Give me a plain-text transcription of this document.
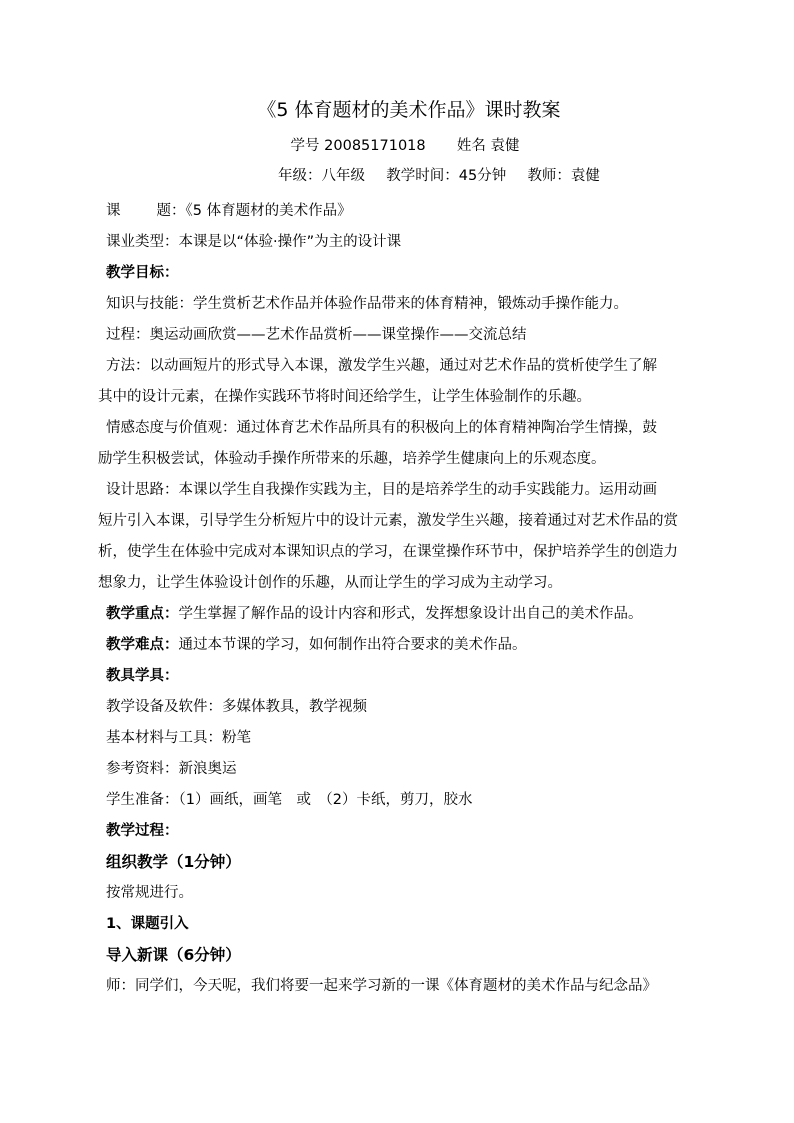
《5 体育题材的美术作品》课时教案
学号 20085171018 姓名 袁健
年级：八年级 教学时间：45分钟 教师：袁健

课 题：《5 体育题材的美术作品》

课业类型：本课是以“体验·操作”为主的设计课

教学目标：

知识与技能：学生赏析艺术作品并体验作品带来的体育精神，锻炼动手操作能力。

过程：奥运动画欣赏——艺术作品赏析——课堂操作——交流总结

方法：以动画短片的形式导入本课，激发学生兴趣，通过对艺术作品的赏析使学生了解

其中的设计元素，在操作实践环节将时间还给学生，让学生体验制作的乐趣。

情感态度与价值观：通过体育艺术作品所具有的积极向上的体育精神陶冶学生情操，鼓

励学生积极尝试，体验动手操作所带来的乐趣，培养学生健康向上的乐观态度。

设计思路：本课以学生自我操作实践为主，目的是培养学生的动手实践能力。运用动画

短片引入本课，引导学生分析短片中的设计元素，激发学生兴趣，接着通过对艺术作品的赏

析，使学生在体验中完成对本课知识点的学习，在课堂操作环节中，保护培养学生的创造力

想象力，让学生体验设计创作的乐趣，从而让学生的学习成为主动学习。

教学重点：学生掌握了解作品的设计内容和形式，发挥想象设计出自己的美术作品。

教学难点：通过本节课的学习，如何制作出符合要求的美术作品。

教具学具：

教学设备及软件：多媒体教具，教学视频

基本材料与工具：粉笔

参考资料：新浪奥运

学生准备：（1）画纸，画笔　或　（2）卡纸，剪刀，胶水

教学过程：

组织教学（1分钟）

按常规进行。

1、课题引入

导入新课（6分钟）

师：同学们，今天呢，我们将要一起来学习新的一课《体育题材的美术作品与纪念品》
